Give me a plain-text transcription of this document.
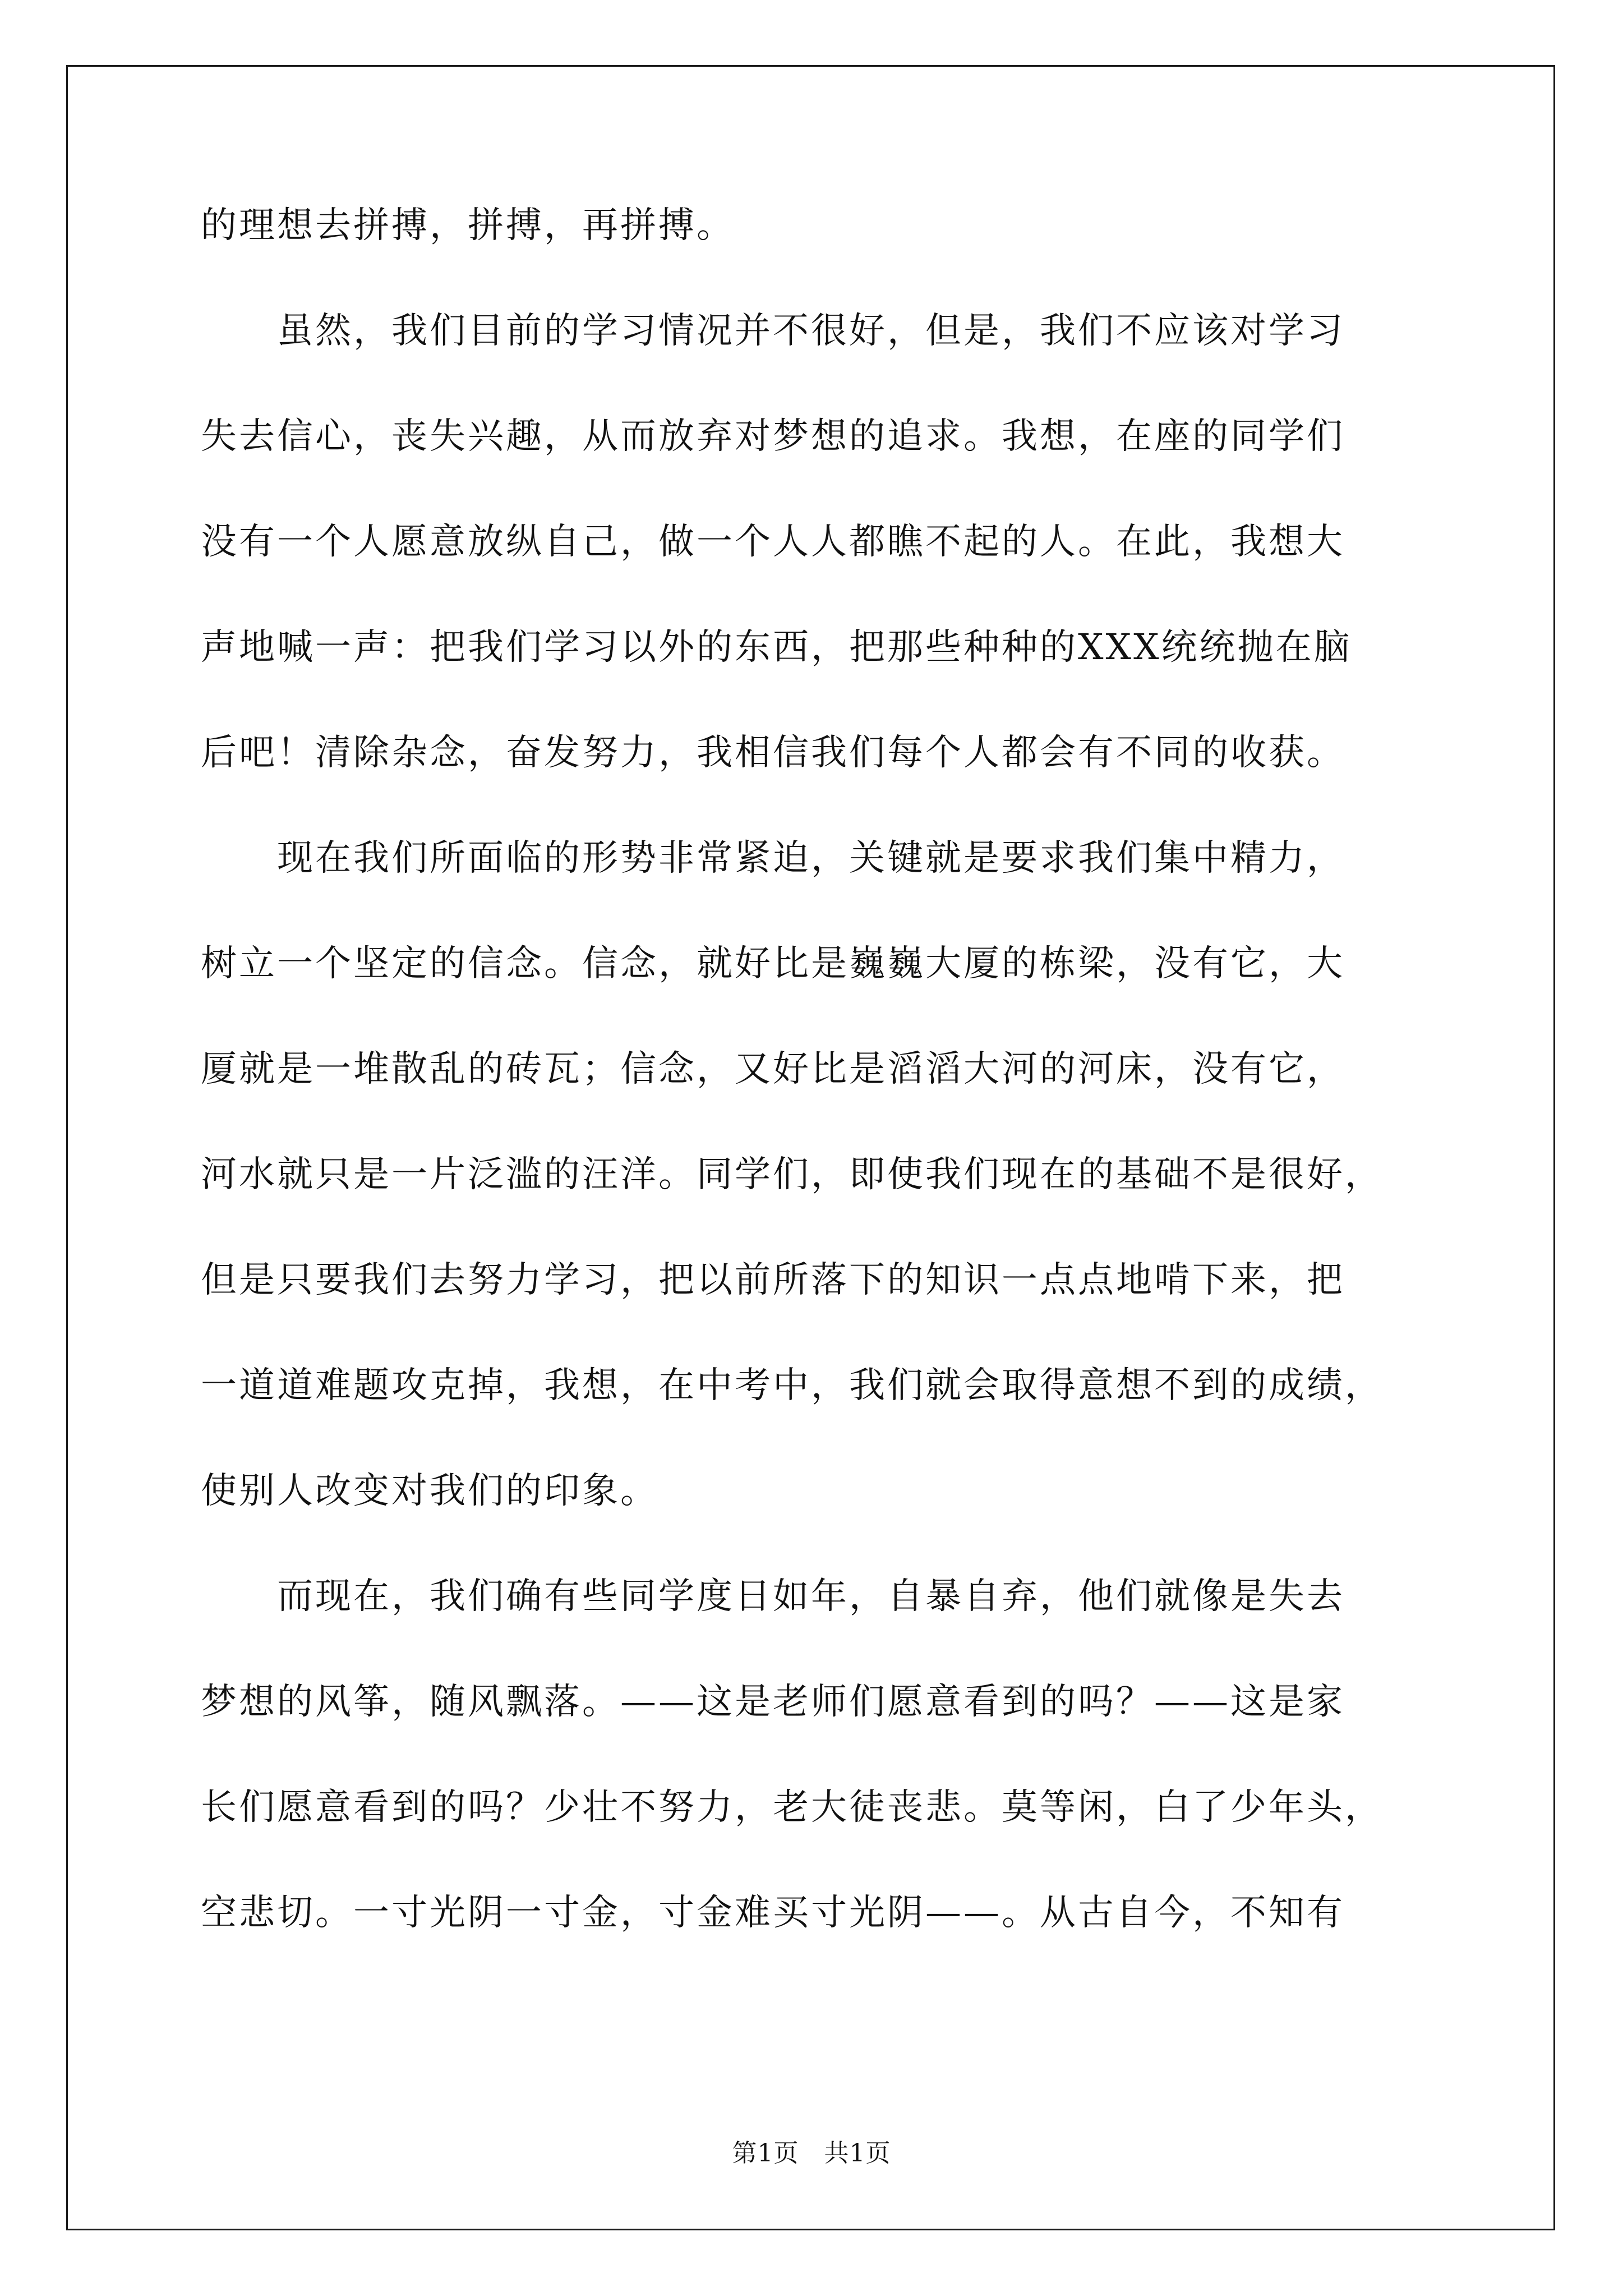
的理想去拼搏，拼搏，再拼搏。
　　虽然，我们目前的学习情况并不很好，但是，我们不应该对学习
失去信心，丧失兴趣，从而放弃对梦想的追求。我想，在座的同学们
没有一个人愿意放纵自己，做一个人人都瞧不起的人。在此，我想大
声地喊一声：把我们学习以外的东西，把那些种种的XXX统统抛在脑
后吧！清除杂念，奋发努力，我相信我们每个人都会有不同的收获。
　　现在我们所面临的形势非常紧迫，关键就是要求我们集中精力，
树立一个坚定的信念。信念，就好比是巍巍大厦的栋梁，没有它，大
厦就是一堆散乱的砖瓦；信念，又好比是滔滔大河的河床，没有它，
河水就只是一片泛滥的汪洋。同学们，即使我们现在的基础不是很好，
但是只要我们去努力学习，把以前所落下的知识一点点地啃下来，把
一道道难题攻克掉，我想，在中考中，我们就会取得意想不到的成绩，
使别人改变对我们的印象。
　　而现在，我们确有些同学度日如年，自暴自弃，他们就像是失去
梦想的风筝，随风飘落。——这是老师们愿意看到的吗？——这是家
长们愿意看到的吗？少壮不努力，老大徒丧悲。莫等闲，白了少年头，
空悲切。一寸光阴一寸金，寸金难买寸光阴——。从古自今，不知有
第1页　共1页
